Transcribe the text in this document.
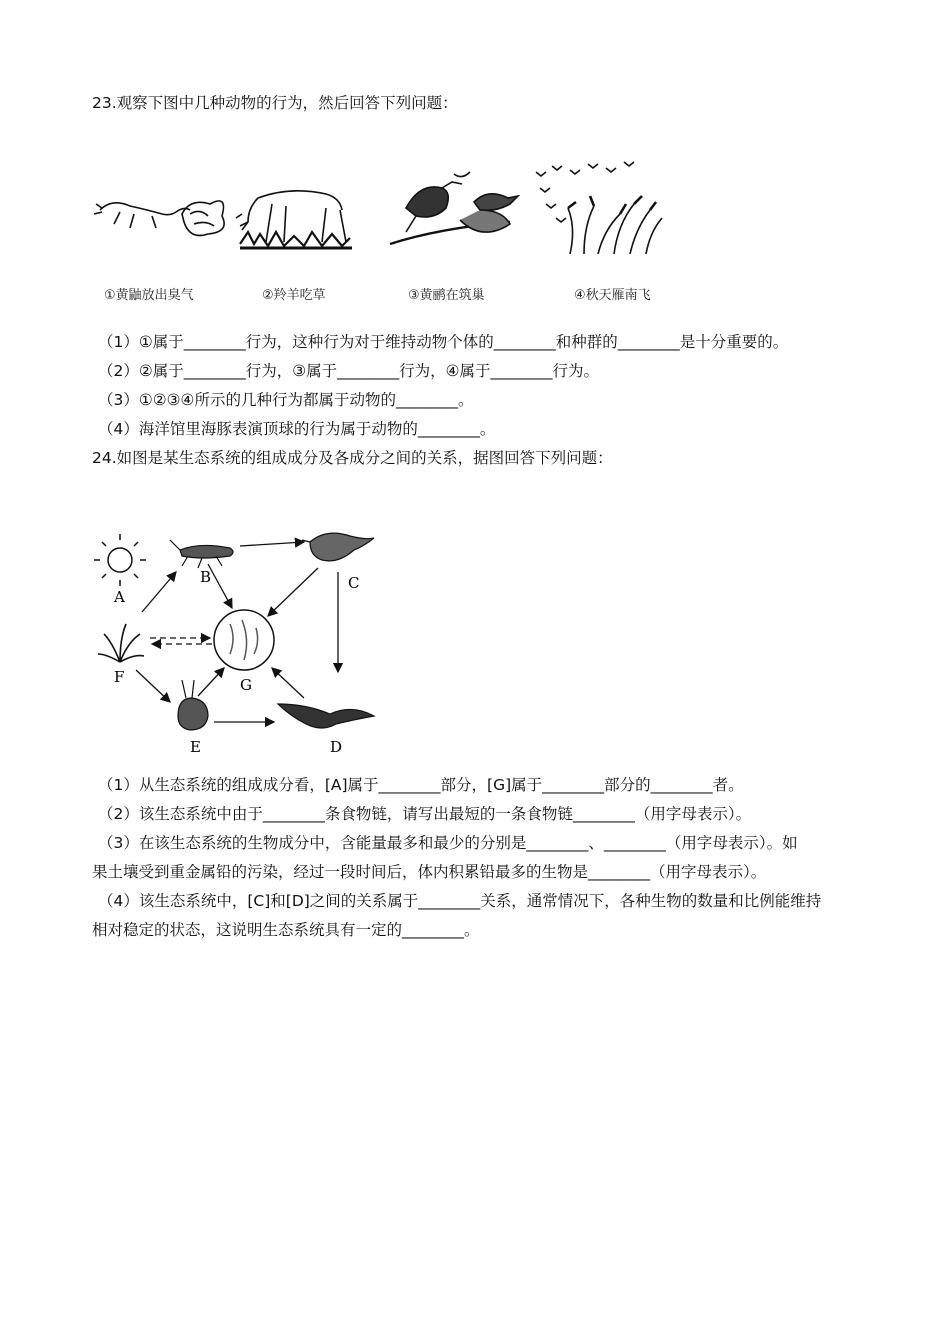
23.观察下图中几种动物的行为，然后回答下列问题：
①黄鼬放出臭气	②羚羊吃草	③黄鹂在筑巢	④秋天雁南飞
（1）①属于________行为，这种行为对于维持动物个体的________和种群的________是十分重要的。
（2）②属于________行为，③属于________行为，④属于________行为。
（3）①②③④所示的几种行为都属于动物的________。
（4）海洋馆里海豚表演顶球的行为属于动物的________。
24.如图是某生态系统的组成成分及各成分之间的关系，据图回答下列问题：
A
B	C
F	G
E	D
（1）从生态系统的组成成分看，[A]属于________部分，[G]属于________部分的________者。
（2）该生态系统中由于________条食物链，请写出最短的一条食物链________（用字母表示）。
（3）在该生态系统的生物成分中，含能量最多和最少的分别是________、________（用字母表示）。如
果土壤受到重金属铅的污染，经过一段时间后，体内积累铅最多的生物是________（用字母表示）。
（4）该生态系统中，[C]和[D]之间的关系属于________关系，通常情况下，各种生物的数量和比例能维持
相对稳定的状态，这说明生态系统具有一定的________。
